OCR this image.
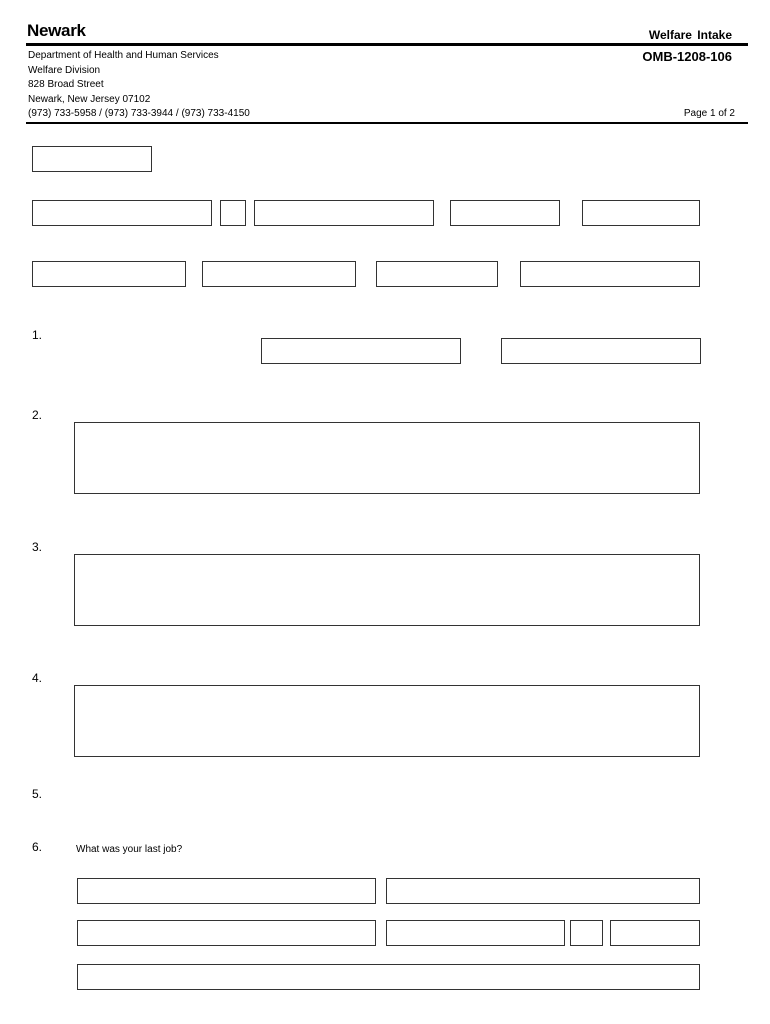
Newark	Welfare Intake
Department of Health and Human Services
Welfare Division
828 Broad Street
Newark, New Jersey 07102
(973) 733-5958 / (973) 733-3944 / (973) 733-4150
OMB-1208-106
Page 1 of 2
1.
2.
3.
4.
5.
6.	What was your last job?
